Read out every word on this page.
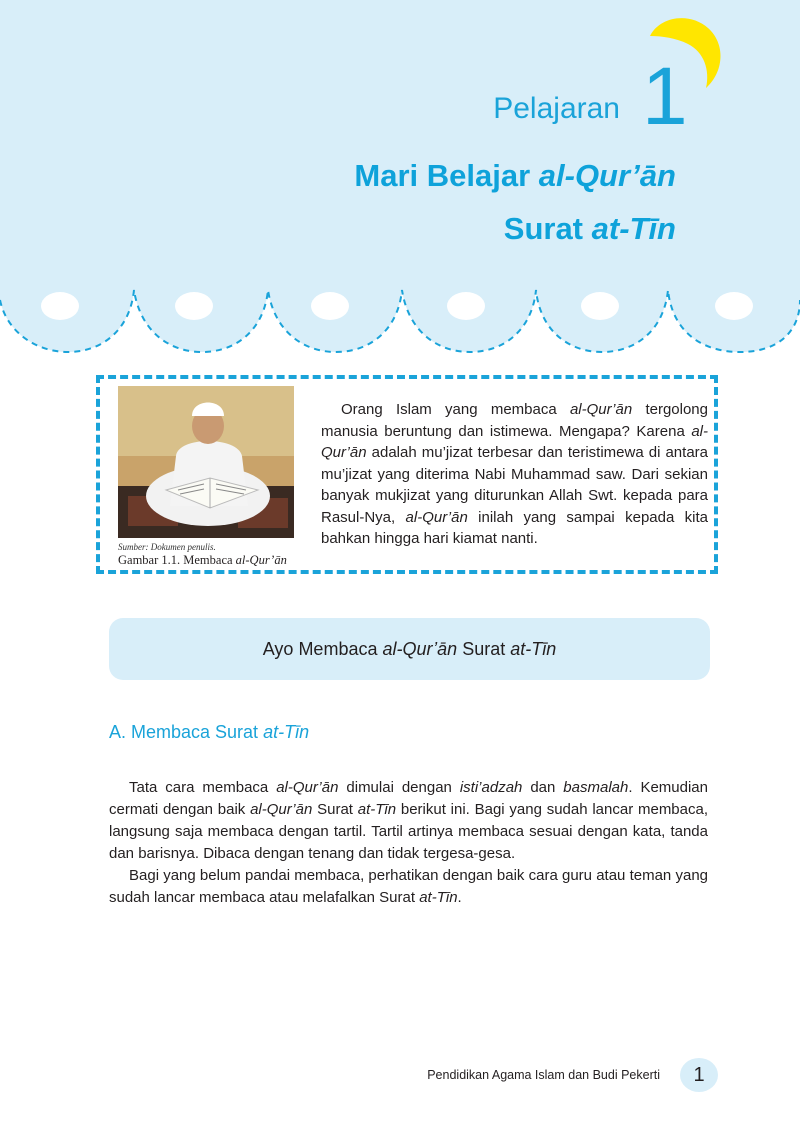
Pelajaran 1
Mari Belajar al-Qur’ān
Surat at-Tīn
Sumber: Dokumen penulis.
Gambar 1.1. Membaca al-Qur’ān

Orang Islam yang membaca al-Qur’ān tergolong manusia beruntung dan istimewa. Mengapa? Karena al-Qur’ān adalah mu’jizat terbesar dan teristimewa di antara mu’jizat yang diterima Nabi Muhammad saw. Dari sekian banyak mukjizat yang diturunkan Allah Swt. kepada para Rasul-Nya, al-Qur’ān inilah yang sampai kepada kita bahkan hingga hari kiamat nanti.

Ayo Membaca al-Qur’ān Surat at-Tīn
A. Membaca Surat at-Tīn

Tata cara membaca al-Qur’ān dimulai dengan isti’adzah dan basmalah. Kemudian cermati dengan baik al-Qur’ān Surat at-Tīn berikut ini. Bagi yang sudah lancar membaca, langsung saja membaca dengan tartil. Tartil artinya membaca sesuai dengan kata, tanda dan barisnya. Dibaca dengan tenang dan tidak tergesa-gesa.

Bagi yang belum pandai membaca, perhatikan dengan baik cara guru atau teman yang sudah lancar membaca atau melafalkan Surat at-Tīn.

Pendidikan Agama Islam dan Budi Pekerti	1
